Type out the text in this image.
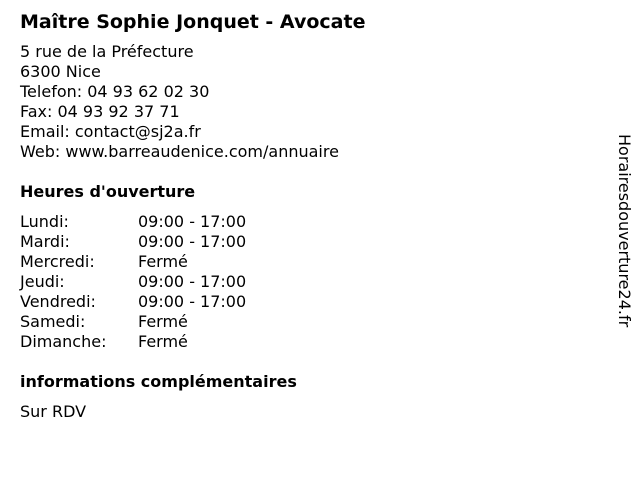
Maître Sophie Jonquet - Avocate
5 rue de la Préfecture
6300 Nice
Telefon: 04 93 62 02 30
Fax: 04 93 92 37 71
Email: contact@sj2a.fr
Web: www.barreaudenice.com/annuaire
Heures d'ouverture
Lundi:	09:00 - 17:00
Mardi:	09:00 - 17:00
Mercredi:	Fermé
Jeudi:	09:00 - 17:00
Vendredi:	09:00 - 17:00
Samedi:	Fermé
Dimanche:	Fermé
informations complémentaires
Sur RDV
Horairesdouverture24.fr
